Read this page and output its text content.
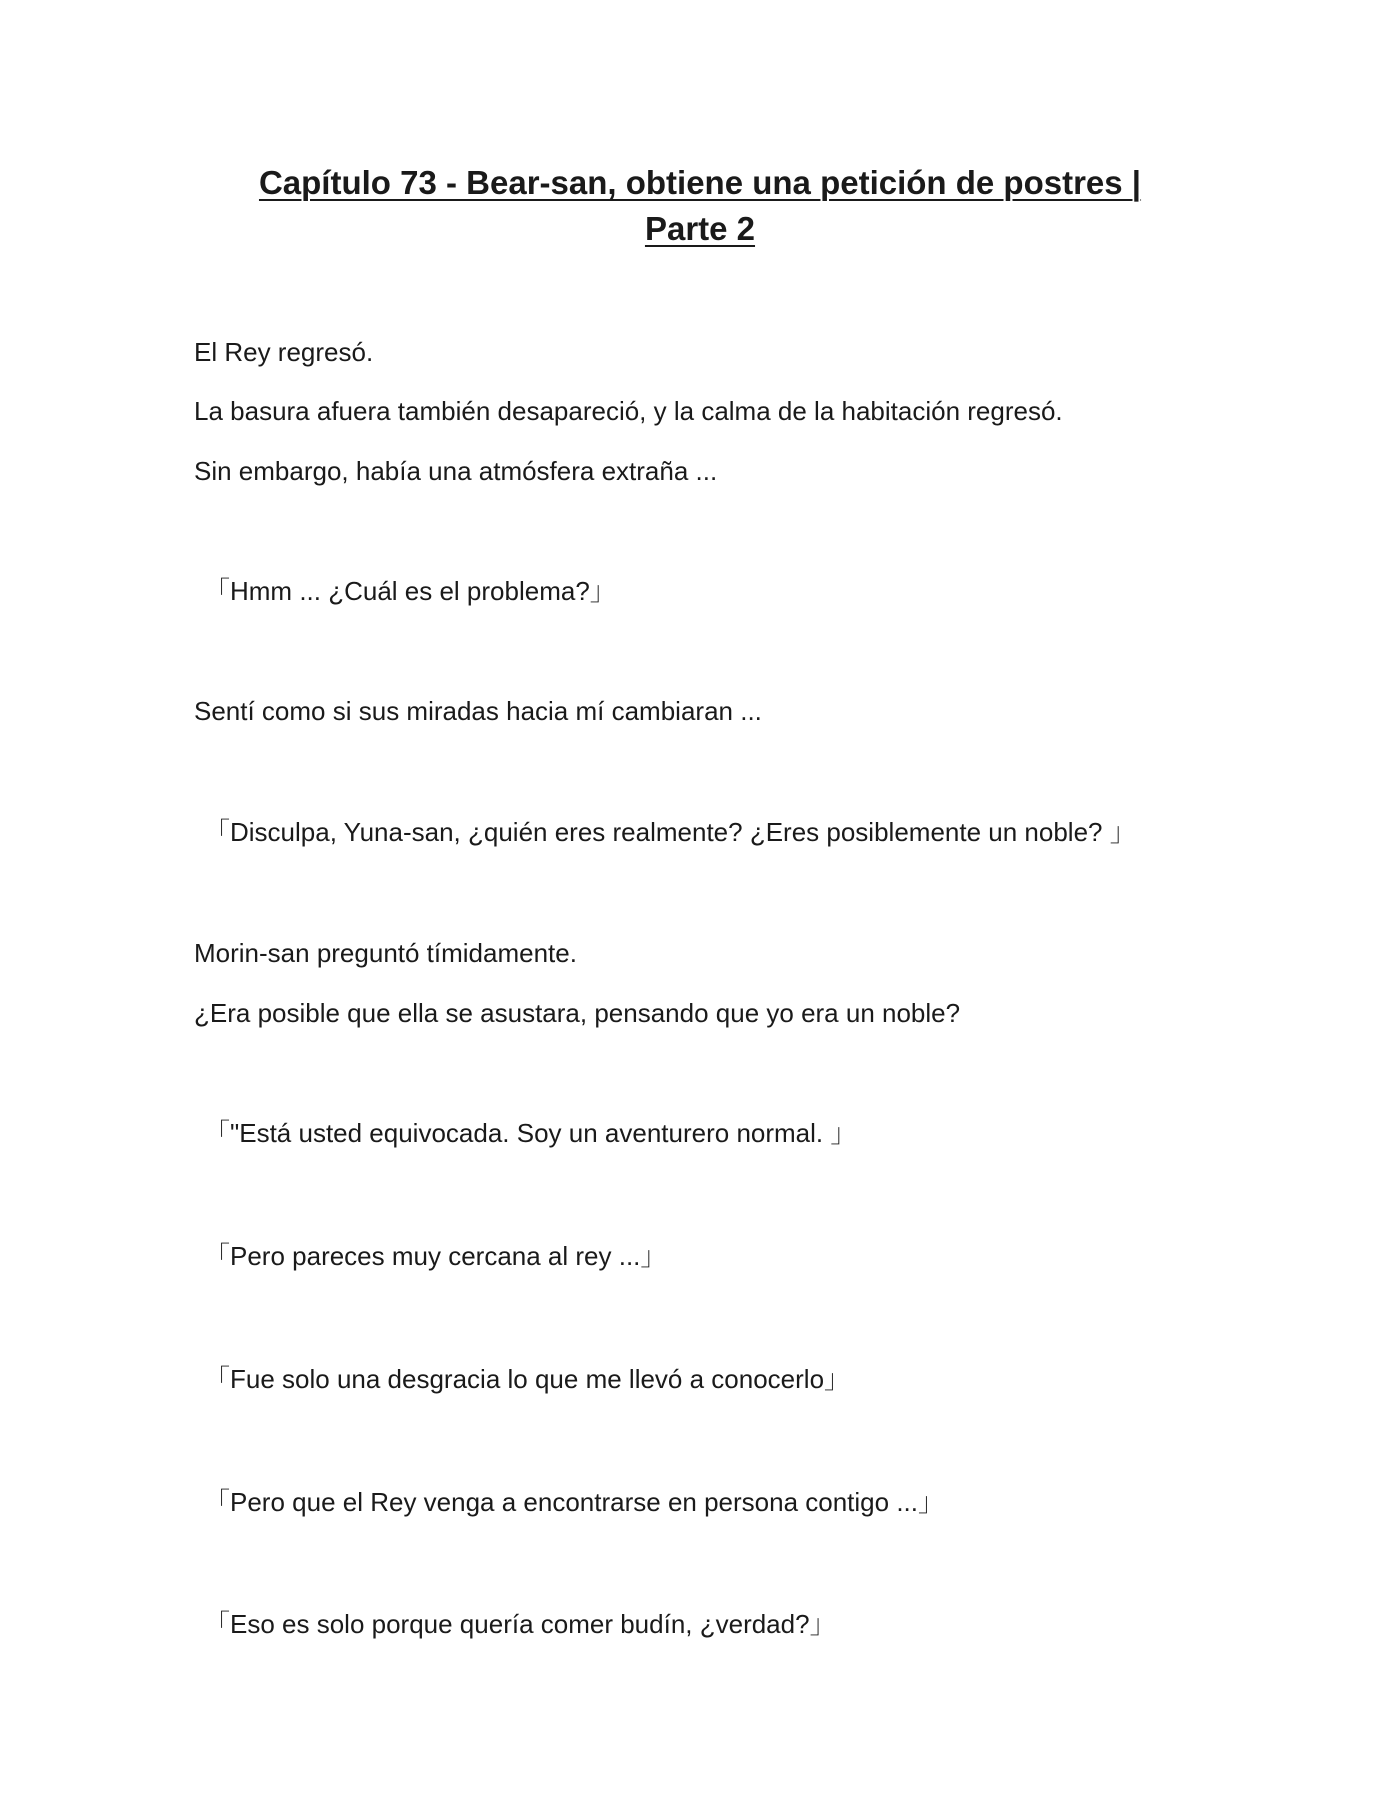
Capítulo 73 - Bear-san, obtiene una petición de postres |
Parte 2
El Rey regresó.
La basura afuera también desapareció, y la calma de la habitación regresó.
Sin embargo, había una atmósfera extraña ...
「Hmm ... ¿Cuál es el problema?」
Sentí como si sus miradas hacia mí cambiaran ...
「Disculpa, Yuna-san, ¿quién eres realmente? ¿Eres posiblemente un noble? 」
Morin-san preguntó tímidamente.
¿Era posible que ella se asustara, pensando que yo era un noble?
「"Está usted equivocada. Soy un aventurero normal. 」
「Pero pareces muy cercana al rey ...」
「Fue solo una desgracia lo que me llevó a conocerlo」
「Pero que el Rey venga a encontrarse en persona contigo ...」
「Eso es solo porque quería comer budín, ¿verdad?」
